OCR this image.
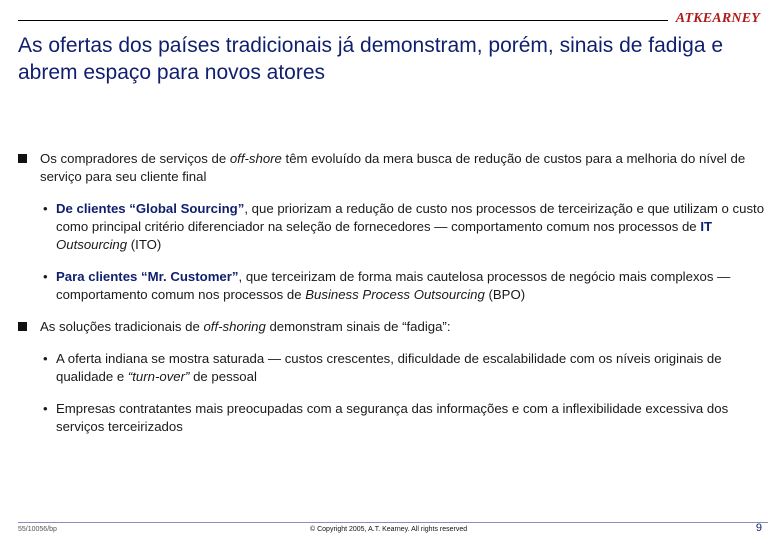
ATKEARNEY
As ofertas dos países tradicionais já demonstram, porém, sinais de fadiga e abrem espaço para novos atores
Os compradores de serviços de off-shore têm evoluído da mera busca de redução de custos para a melhoria do nível de serviço para seu cliente final
• De clientes “Global Sourcing”, que priorizam a redução de custo nos processos de terceirização e que utilizam o custo como principal critério diferenciador na seleção de fornecedores — comportamento comum nos processos de IT Outsourcing (ITO)
• Para clientes “Mr. Customer”, que terceirizam de forma mais cautelosa processos de negócio mais complexos — comportamento comum nos processos de Business Process Outsourcing (BPO)
As soluções tradicionais de off-shoring demonstram sinais de “fadiga”:
• A oferta indiana se mostra saturada — custos crescentes, dificuldade de escalabilidade com os níveis originais de qualidade e “turn-over” de pessoal
• Empresas contratantes mais preocupadas com a segurança das informações e com a inflexibilidade excessiva dos serviços terceirizados
55/10056/bp	© Copyright 2005, A.T. Kearney. All rights reserved	9
